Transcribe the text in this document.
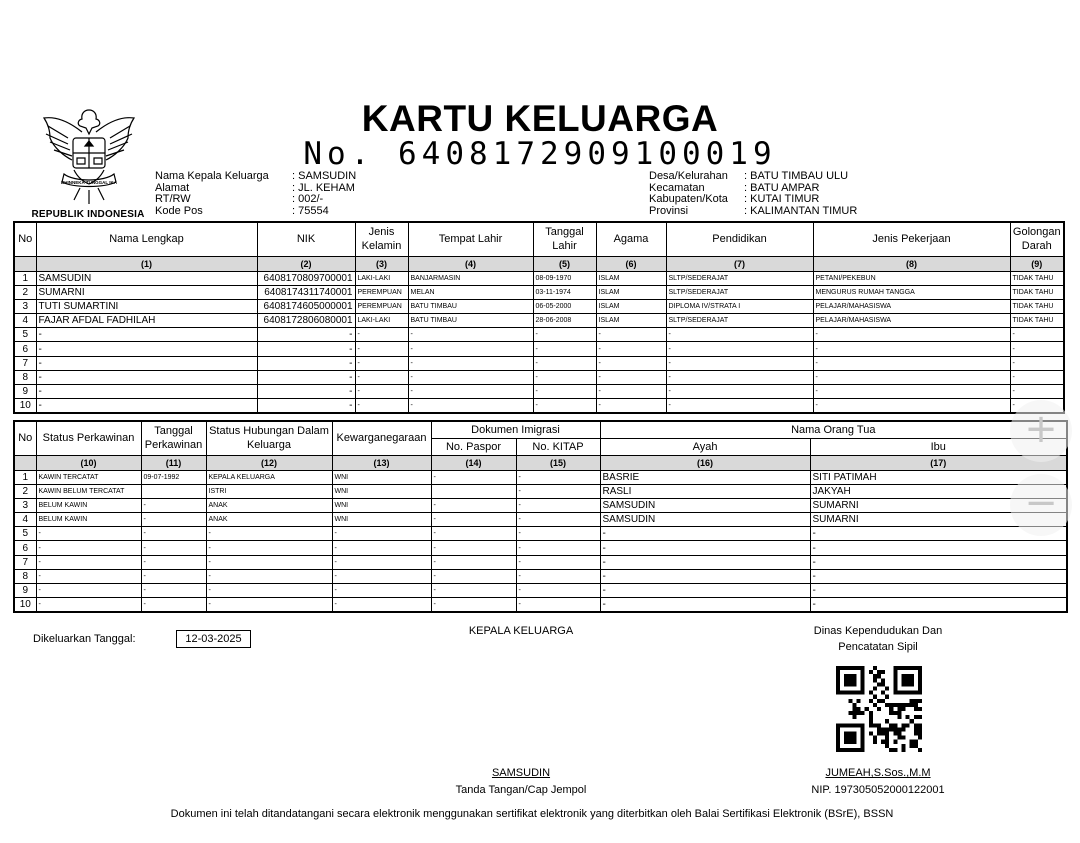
BHINNEKA TUNGGAL IKA
REPUBLIK INDONESIA
KARTU KELUARGA
No. 6408172909100019
Nama Kepala Keluarga	: SAMSUDIN
Alamat	: JL. KEHAM
RT/RW	: 002/-
Kode Pos	: 75554
Desa/Kelurahan	: BATU TIMBAU ULU
Kecamatan	: BATU AMPAR
Kabupaten/Kota	: KUTAI TIMUR
Provinsi	: KALIMANTAN TIMUR
No	Nama Lengkap	NIK	Jenis Kelamin	Tempat Lahir	Tanggal Lahir	Agama	Pendidikan	Jenis Pekerjaan	Golongan Darah
	(1)	(2)	(3)	(4)	(5)	(6)	(7)	(8)	(9)
1	SAMSUDIN	6408170809700001	LAKI-LAKI	BANJARMASIN	08-09-1970	ISLAM	SLTP/SEDERAJAT	PETANI/PEKEBUN	TIDAK TAHU
2	SUMARNI	6408174311740001	PEREMPUAN	MELAN	03-11-1974	ISLAM	SLTP/SEDERAJAT	MENGURUS RUMAH TANGGA	TIDAK TAHU
3	TUTI SUMARTINI	6408174605000001	PEREMPUAN	BATU TIMBAU	06-05-2000	ISLAM	DIPLOMA IV/STRATA I	PELAJAR/MAHASISWA	TIDAK TAHU
4	FAJAR AFDAL FADHILAH	6408172806080001	LAKI-LAKI	BATU TIMBAU	28-06-2008	ISLAM	SLTP/SEDERAJAT	PELAJAR/MAHASISWA	TIDAK TAHU
5	-	-	-	-	-	-	-	-	-
6	-	-	-	-	-	-	-	-	-
7	-	-	-	-	-	-	-	-	-
8	-	-	-	-	-	-	-	-	-
9	-	-	-	-	-	-	-	-	-
10	-	-	-	-	-	-	-	-	-
No	Status Perkawinan	Tanggal Perkawinan	Status Hubungan Dalam Keluarga	Kewarganegaraan	Dokumen Imigrasi		Nama Orang Tua	
					No. Paspor	No. KITAP	Ayah	Ibu
	(10)	(11)	(12)	(13)	(14)	(15)	(16)	(17)
1	KAWIN TERCATAT	09-07-1992	KEPALA KELUARGA	WNI	-	-	BASRIE	SITI PATIMAH
2	KAWIN BELUM TERCATAT		ISTRI	WNI		-	RASLI	JAKYAH
3	BELUM KAWIN	-	ANAK	WNI	-	-	SAMSUDIN	SUMARNI
4	BELUM KAWIN	-	ANAK	WNI	-	-	SAMSUDIN	SUMARNI
5	-	-	-	-	-	-	-	-
6	-	-	-	-	-	-	-	-
7	-	-	-	-	-	-	-	-
8	-	-	-	-	-	-	-	-
9	-	-	-	-	-	-	-	-
10	-	-	-	-	-	-	-	-
Dikeluarkan Tanggal:	12-03-2025
KEPALA KELUARGA
SAMSUDIN
Tanda Tangan/Cap Jempol
Dinas Kependudukan Dan
Pencatatan Sipil
JUMEAH,S.Sos.,M.M
NIP. 197305052000122001
Dokumen ini telah ditandatangani secara elektronik menggunakan sertifikat elektronik yang diterbitkan oleh Balai Sertifikasi Elektronik (BSrE), BSSN
+
−
